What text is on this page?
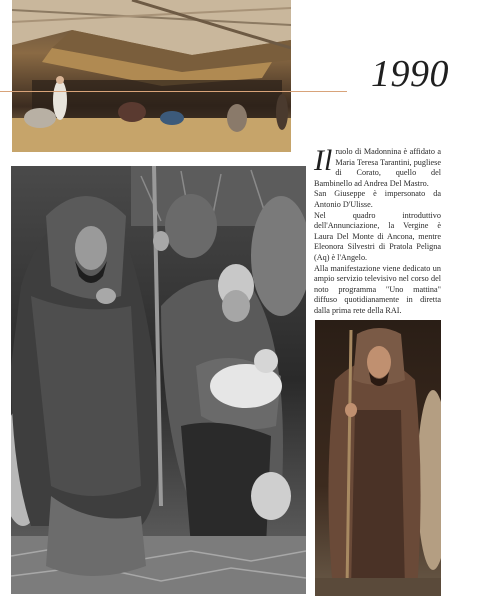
1990

Il ruolo di Madonnina è affidato a Maria Teresa Tarantini, pugliese di Corato, quello del Bambinello ad Andrea Del Mastro.

San Giuseppe è impersonato da Antonio D'Ulisse.

Nel quadro introduttivo dell'Annunciazione, la Vergine è Laura Del Monte di Ancona, mentre Eleonora Silvestri di Pratola Peligna (Aq) è l'Angelo.

Alla manifestazione viene dedicato un ampio servizio televisivo nel corso del noto programma "Uno mattina" diffuso quotidianamente in diretta dalla prima rete della RAI.
